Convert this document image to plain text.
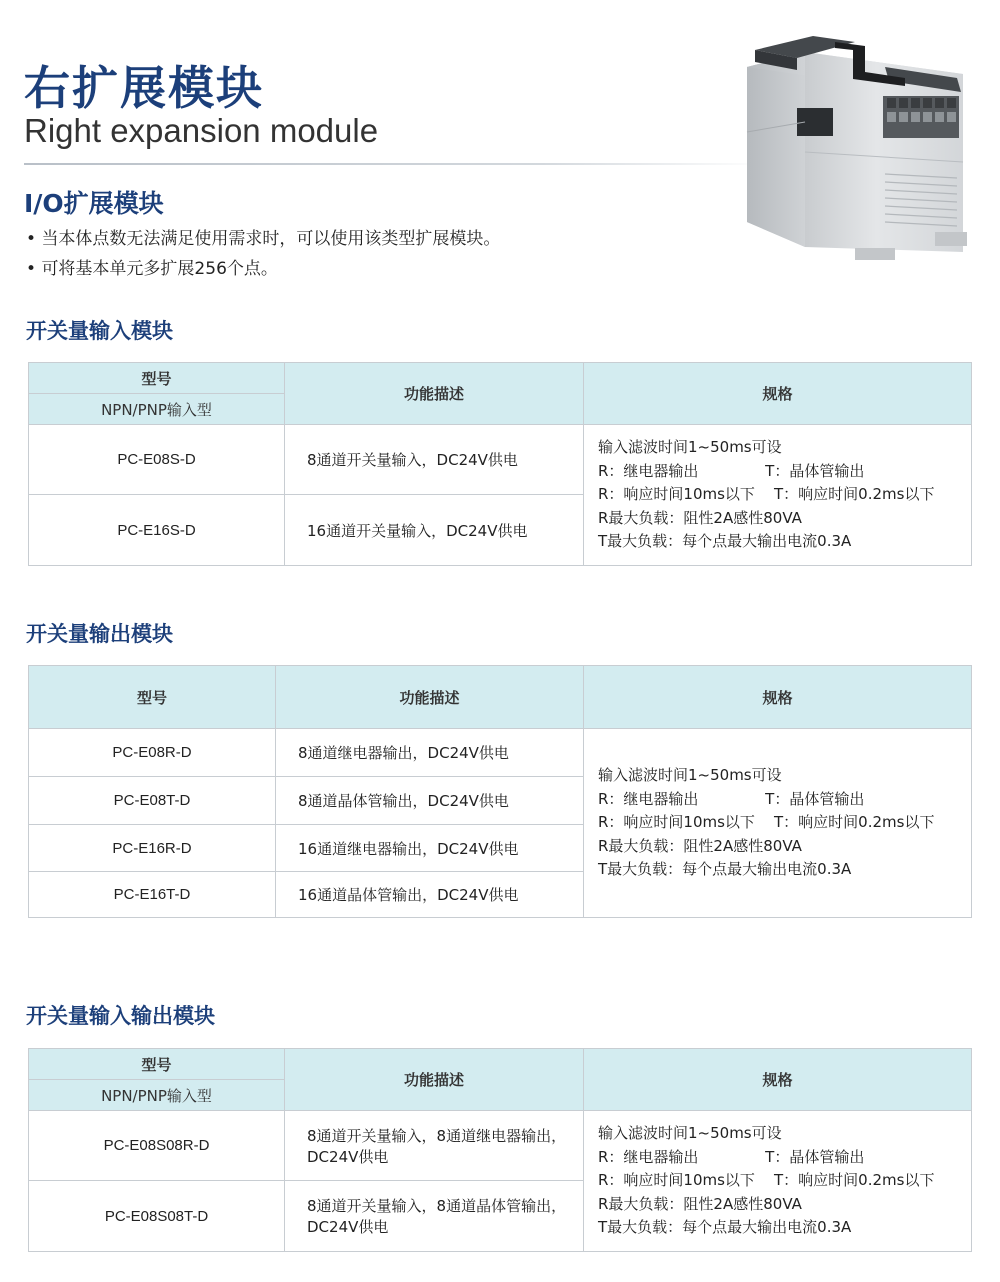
右扩展模块
Right expansion module
I/O扩展模块
• 当本体点数无法满足使用需求时，可以使用该类型扩展模块。
• 可将基本单元多扩展256个点。
开关量输入模块
型号	功能描述	规格
NPN/PNP输入型		
PC-E08S-D	8通道开关量输入，DC24V供电	输入滤波时间1~50ms可设
R：继电器输出              T：晶体管输出
R：响应时间10ms以下    T：响应时间0.2ms以下
R最大负载：阻性2A感性80VA
T最大负载：每个点最大输出电流0.3A

PC-E16S-D	16通道开关量输入，DC24V供电	
开关量输出模块
型号	功能描述	规格
PC-E08R-D	8通道继电器输出，DC24V供电	输入滤波时间1~50ms可设
R：继电器输出              T：晶体管输出
R：响应时间10ms以下    T：响应时间0.2ms以下
R最大负载：阻性2A感性80VA
T最大负载：每个点最大输出电流0.3A

PC-E08T-D	8通道晶体管输出，DC24V供电	
PC-E16R-D	16通道继电器输出，DC24V供电	
PC-E16T-D	16通道晶体管输出，DC24V供电	
开关量输入输出模块
型号	功能描述	规格
NPN/PNP输入型		
PC-E08S08R-D	8通道开关量输入，8通道继电器输出，DC24V供电	输入滤波时间1~50ms可设
R：继电器输出              T：晶体管输出
R：响应时间10ms以下    T：响应时间0.2ms以下
R最大负载：阻性2A感性80VA
T最大负载：每个点最大输出电流0.3A

PC-E08S08T-D	8通道开关量输入，8通道晶体管输出，DC24V供电	
